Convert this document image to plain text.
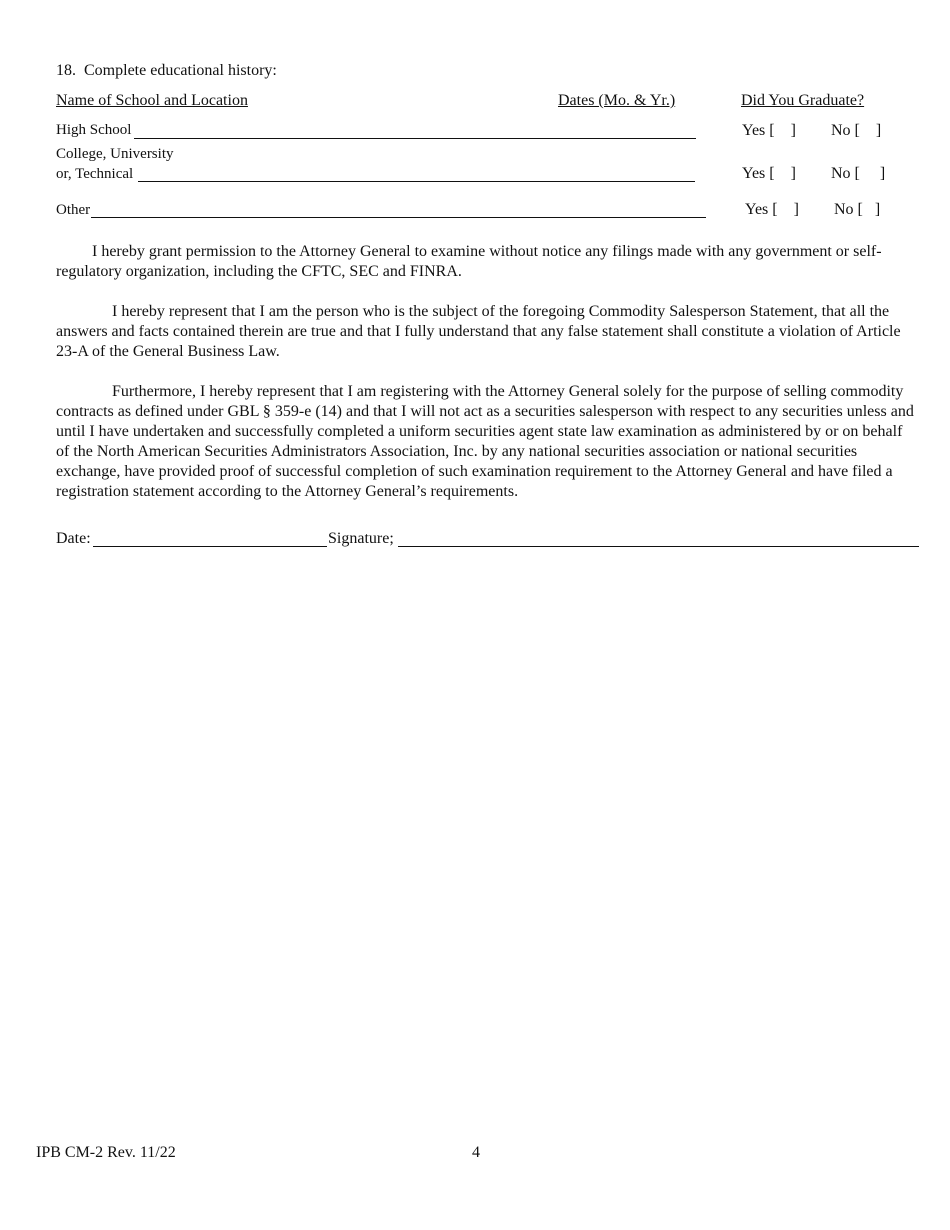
18. Complete educational history:
Name of School and Location	Dates (Mo. & Yr.)	Did You Graduate?
High School	Yes [    ] No [    ]
College, University
or, Technical	Yes [    ] No [     ]
Other	Yes [    ] No [   ]
I hereby grant permission to the Attorney General to examine without notice any filings made with any government or self-regulatory organization, including the CFTC, SEC and FINRA.
I hereby represent that I am the person who is the subject of the foregoing Commodity Salesperson Statement, that all the answers and facts contained therein are true and that I fully understand that any false statement shall constitute a violation of Article 23-A of the General Business Law.
Furthermore, I hereby represent that I am registering with the Attorney General solely for the purpose of selling commodity contracts as defined under GBL § 359-e (14) and that I will not act as a securities salesperson with respect to any securities unless and until I have undertaken and successfully completed a uniform securities agent state law examination as administered by or on behalf of the North American Securities Administrators Association, Inc. by any national securities association or national securities exchange, have provided proof of successful completion of such examination requirement to the Attorney General and have filed a registration statement according to the Attorney General’s requirements.
Date:	Signature;
IPB CM-2 Rev. 11/22	4
